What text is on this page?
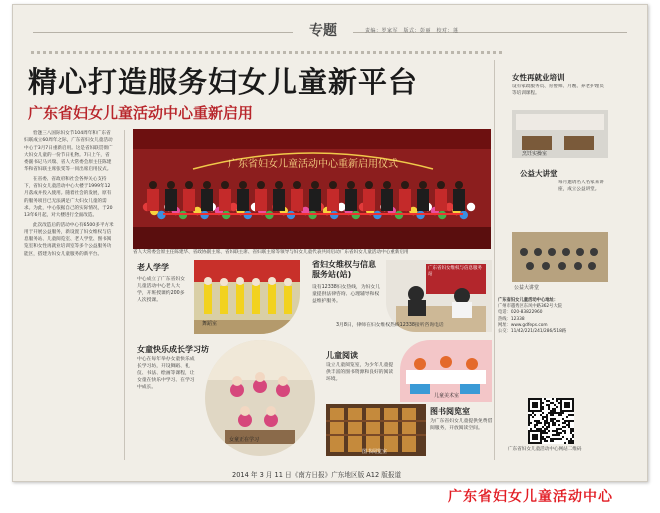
专题	责编：罗家军　版式：彭丽　校对：蓬
精心打造服务妇女儿童新平台
广东省妇女儿童活动中心重新启用

恰逢三八国际妇女节104周年和广东省妇联成立60周年之际，广东省妇女儿童活动中心于3月7日重新启用。这是省妇联贯彻广大妇女儿童的一份节日礼物。7日上午，省委副书记马兴瑞、省人大常委会原主任陈建华和省妇联主席张雯等一同出席启用仪式。

在省委、省政府和社会各界关心支持下，省妇女儿童活动中心大楼于1999年12月落成并投入使用。随着社会的发展，原有的服务项目已无法满足广大妇女儿童的需求。为此，中心依据自己的实际情况，于2013年6月起，对大楼进行全面改造。

此次改造后的活动中心有6500多平方米用于开展公益服务，新设置了妇女维权与信息服务站、儿童阅览室、老人学堂、图书阅览室和女性再就业培训室等多个公益服务功能区，搭建为妇女儿童服务的新平台。

广东省妇女儿童活动中心重新启用仪式
省人大常委会原主任陈建华、省政协副主席、省妇联主席、省妇联主席等领导与妇女儿童代表共同启动广东省妇女儿童活动中心重新启用
老人学学
中心成立了广东省妇女儿童活动中心老人大学，开班授课约200多人次授课。
舞蹈室
省妇女维权与信息服务站(站)
设有12338妇女热线，为妇女儿童提供法律咨询、心理辅导和权益维护服务。
广东省妇女维权与信息服务站
3月8日，律师在妇女维权热线12338接听咨询电话
女童快乐成长学习坊
中心在每年举办女童快乐成长学习坊，开设舞蹈、礼仪、书法、绘画等课程，让女童在快乐中学习、在学习中成长。
女童正在学习
儿童阅读
设立儿童阅览室，为少年儿童提供丰富的图书资源和良好的阅读环境。
儿童美术室
图书阅览室
图书阅览室
为广东省妇女儿童提供免费借阅服务，开放阅读空间。
女性再就业培训
设有家政服务员、育婴师、月嫂、养老护理员等培训课程。
烹饪实操室
公益大讲堂
每月邀请名人名家来讲座，成立公益讲堂。
公益大讲堂
广东省妇女儿童活动中心地址：
广州市越秀区东风中路362号大院
电话：020-83822960
热线：12338
网址：www.gdfeps.com
公交：11/42/221/241/286/518路
广东省妇女儿童活动中心网站二维码
2014 年 3 月 11 日《南方日报》广东地区版 A12 版报道
广东省妇女儿童活动中心
